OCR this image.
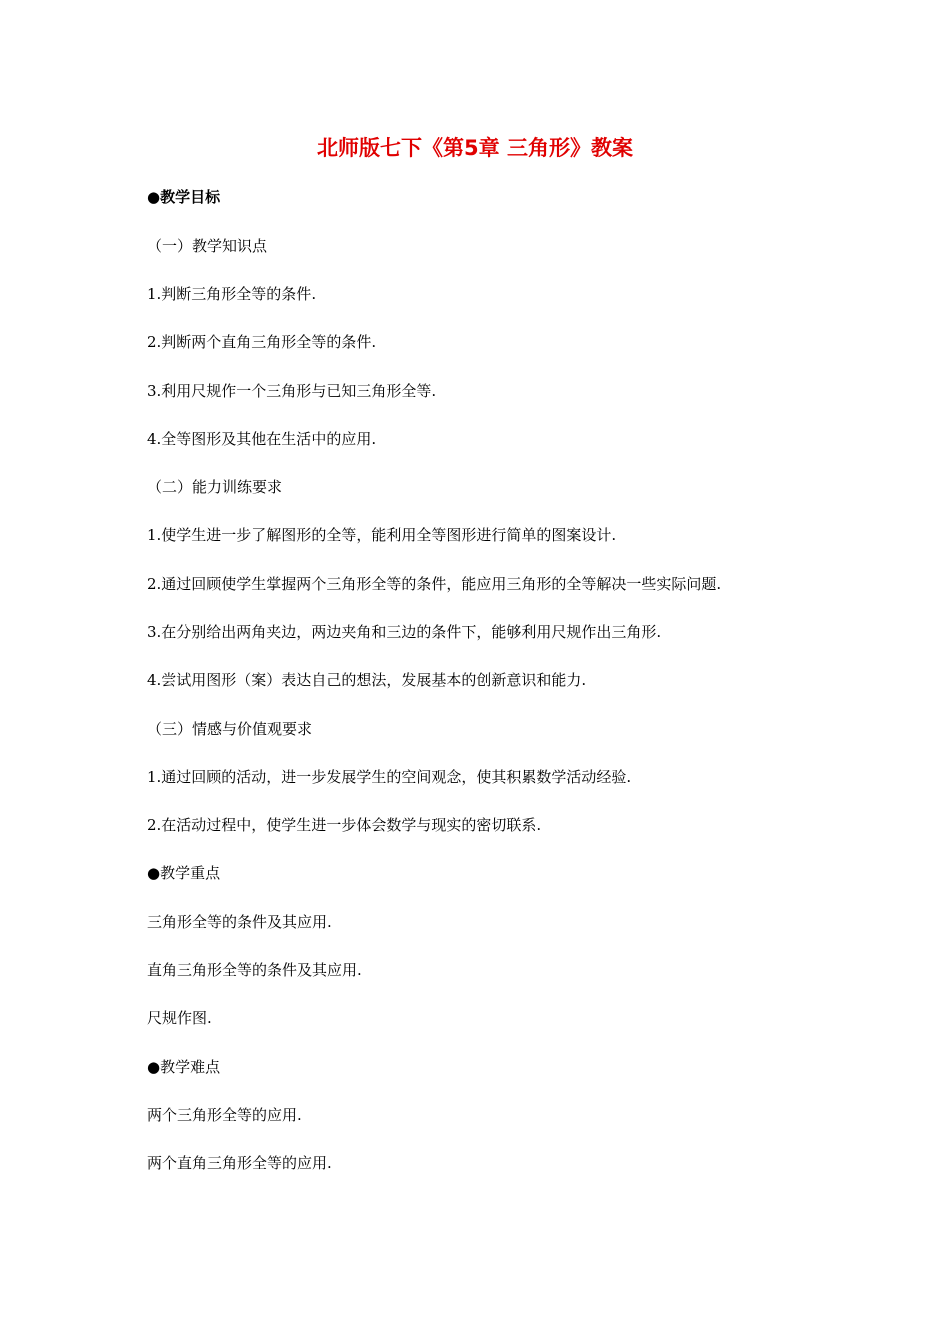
北师版七下《第5章 三角形》教案

●教学目标

（一）教学知识点

1.判断三角形全等的条件.

2.判断两个直角三角形全等的条件.

3.利用尺规作一个三角形与已知三角形全等.

4.全等图形及其他在生活中的应用.

（二）能力训练要求

1.使学生进一步了解图形的全等，能利用全等图形进行简单的图案设计.

2.通过回顾使学生掌握两个三角形全等的条件，能应用三角形的全等解决一些实际问题.

3.在分别给出两角夹边，两边夹角和三边的条件下，能够利用尺规作出三角形.

4.尝试用图形（案）表达自己的想法，发展基本的创新意识和能力.

（三）情感与价值观要求

1.通过回顾的活动，进一步发展学生的空间观念，使其积累数学活动经验.

2.在活动过程中，使学生进一步体会数学与现实的密切联系.

●教学重点

三角形全等的条件及其应用.

直角三角形全等的条件及其应用.

尺规作图.

●教学难点

两个三角形全等的应用.

两个直角三角形全等的应用.
